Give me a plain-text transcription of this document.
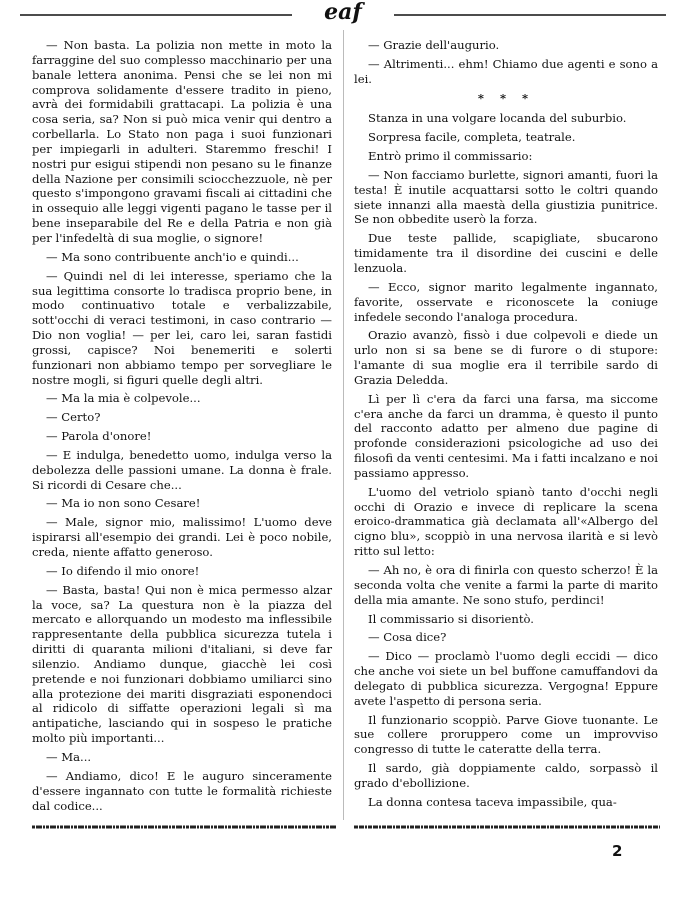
eaf

— Non basta. La polizia non mette in moto la farraggine del suo complesso macchinario per una banale lettera anonima. Pensi che se lei non mi comprova solidamente d'essere tradito in pieno, avrà dei formidabili grattacapi. La polizia è una cosa seria, sa? Non si può mica venir qui dentro a corbellarla. Lo Stato non paga i suoi funzionari per impiegarli in adulteri. Staremmo freschi! I nostri pur esigui stipendi non pesano su le finanze della Nazione per consimili sciocchezzuole, nè per questo s'impongono gravami fiscali ai cittadini che in ossequio alle leggi vigenti pagano le tasse per il bene inseparabile del Re e della Patria e non già per l'infedeltà di sua moglie, o signore!

— Ma sono contribuente anch'io e quindi...

— Quindi nel di lei interesse, speriamo che la sua legittima consorte lo tradisca proprio bene, in modo continuativo totale e verbalizzabile, sott'occhi di veraci testimoni, in caso contrario — Dio non voglia! — per lei, caro lei, saran fastidi grossi, capisce? Noi benemeriti e solerti funzionari non abbiamo tempo per sorvegliare le nostre mogli, si figuri quelle degli altri.

— Ma la mia è colpevole...

— Certo?

— Parola d'onore!

— E indulga, benedetto uomo, indulga verso la debolezza delle passioni umane. La donna è frale. Si ricordi di Cesare che...

— Ma io non sono Cesare!

— Male, signor mio, malissimo! L'uomo deve ispirarsi all'esempio dei grandi. Lei è poco nobile, creda, niente affatto generoso.

— Io difendo il mio onore!

— Basta, basta! Qui non è mica permesso alzar la voce, sa? La questura non è la piazza del mercato e allorquando un modesto ma inflessibile rappresentante della pubblica sicurezza tutela i diritti di quaranta milioni d'italiani, si deve far silenzio. Andiamo dunque, giacchè lei così pretende e noi funzionari dobbiamo umiliarci sino alla protezione dei mariti disgraziati esponendoci al ridicolo di siffatte operazioni legali sì ma antipatiche, lasciando qui in sospeso le pratiche molto più importanti...

— Ma...

— Andiamo, dico! E le auguro sinceramente d'essere ingannato con tutte le formalità richieste dal codice...

— Grazie dell'augurio.

— Altrimenti... ehm! Chiamo due agenti e sono a lei.

* * *

Stanza in una volgare locanda del suburbio.

Sorpresa facile, completa, teatrale.

Entrò primo il commissario:

— Non facciamo burlette, signori amanti, fuori la testa! È inutile acquattarsi sotto le coltri quando siete innanzi alla maestà della giustizia punitrice. Se non obbedite userò la forza.

Due teste pallide, scapigliate, sbucarono timidamente tra il disordine dei cuscini e delle lenzuola.

— Ecco, signor marito legalmente ingannato, favorite, osservate e riconoscete la coniuge infedele secondo l'analoga procedura.

Orazio avanzò, fissò i due colpevoli e diede un urlo non si sa bene se di furore o di stupore: l'amante di sua moglie era il terribile sardo di Grazia Deledda.

Lì per lì c'era da farci una farsa, ma siccome c'era anche da farci un dramma, è questo il punto del racconto adatto per almeno due pagine di profonde considerazioni psicologiche ad uso dei filosofi da venti centesimi. Ma i fatti incalzano e noi passiamo appresso.

L'uomo del vetriolo spianò tanto d'occhi negli occhi di Orazio e invece di replicare la scena eroico-drammatica già declamata all'«Albergo del cigno blu», scoppiò in una nervosa ilarità e si levò ritto sul letto:

— Ah no, è ora di finirla con questo scherzo! È la seconda volta che venite a farmi la parte di marito della mia amante. Ne sono stufo, perdinci!

Il commissario si disorientò.

— Cosa dice?

— Dico — proclamò l'uomo degli eccidi — dico che anche voi siete un bel buffone camuffandovi da delegato di pubblica sicurezza. Vergogna! Eppure avete l'aspetto di persona seria.

Il funzionario scoppiò. Parve Giove tuonante. Le sue collere proruppero come un improvviso congresso di tutte le cateratte della terra.

Il sardo, già doppiamente caldo, sorpassò il grado d'ebollizione.

La donna contesa taceva impassibile, qua-

2
